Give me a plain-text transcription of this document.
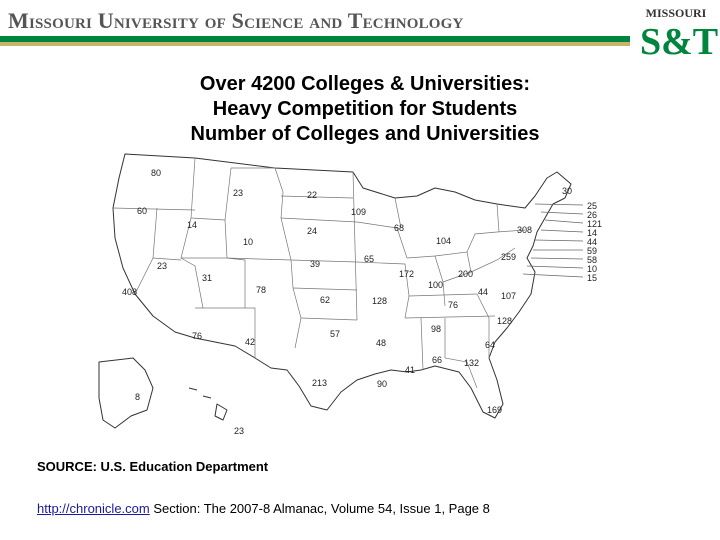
Missouri University of Science and Technology	MISSOURI
S&T
Over 4200 Colleges & Universities:
Heavy Competition for Students
Number of Colleges and Universities
80
60
408
14
23
31
76
23
10
78
42
22
24
39
62
57
213
109
65
128
48
90
68
172
104
100
200
76
98
41
66 132
169
64
128
107
44
259
308
30
8
23
25
26
121
14
44
59
58
10
15
SOURCE: U.S. Education Department
http://chronicle.com Section: The 2007-8 Almanac, Volume 54, Issue 1, Page 8
